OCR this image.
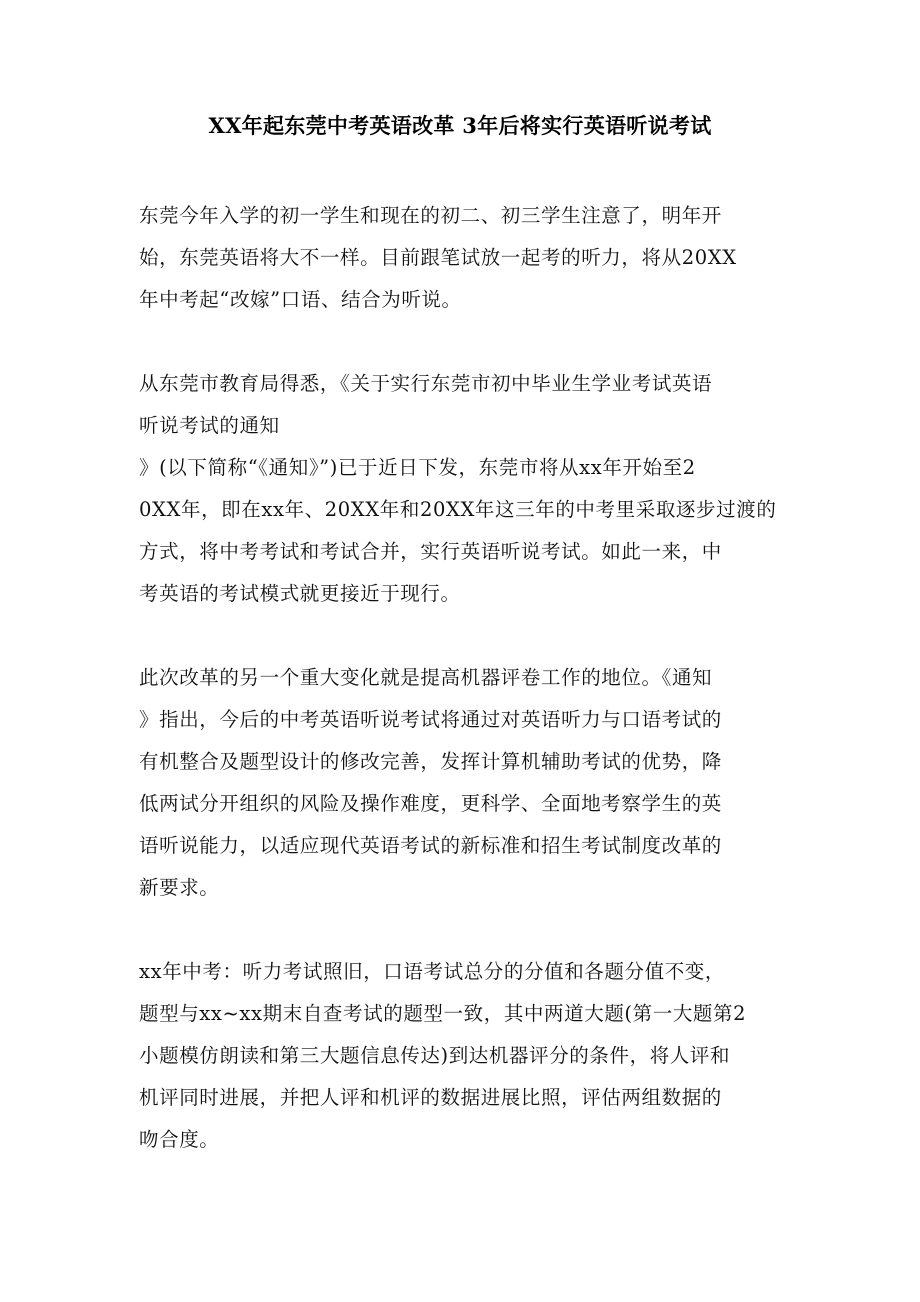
XX年起东莞中考英语改革 3年后将实行英语听说考试
东莞今年入学的初一学生和现在的初二、初三学生注意了，明年开
始，东莞英语将大不一样。目前跟笔试放一起考的听力，将从20XX
年中考起“改嫁”口语、结合为听说。
从东莞市教育局得悉，《关于实行东莞市初中毕业生学业考试英语
听说考试的通知
》(以下简称“《通知》”)已于近日下发，东莞市将从xx年开始至2
0XX年，即在xx年、20XX年和20XX年这三年的中考里采取逐步过渡的
方式，将中考考试和考试合并，实行英语听说考试。如此一来，中
考英语的考试模式就更接近于现行。
此次改革的另一个重大变化就是提高机器评卷工作的地位。《通知
》指出，今后的中考英语听说考试将通过对英语听力与口语考试的
有机整合及题型设计的修改完善，发挥计算机辅助考试的优势，降
低两试分开组织的风险及操作难度，更科学、全面地考察学生的英
语听说能力，以适应现代英语考试的新标准和招生考试制度改革的
新要求。
xx年中考：听力考试照旧，口语考试总分的分值和各题分值不变，
题型与xx~xx期末自查考试的题型一致，其中两道大题(第一大题第2
小题模仿朗读和第三大题信息传达)到达机器评分的条件，将人评和
机评同时进展，并把人评和机评的数据进展比照，评估两组数据的
吻合度。
